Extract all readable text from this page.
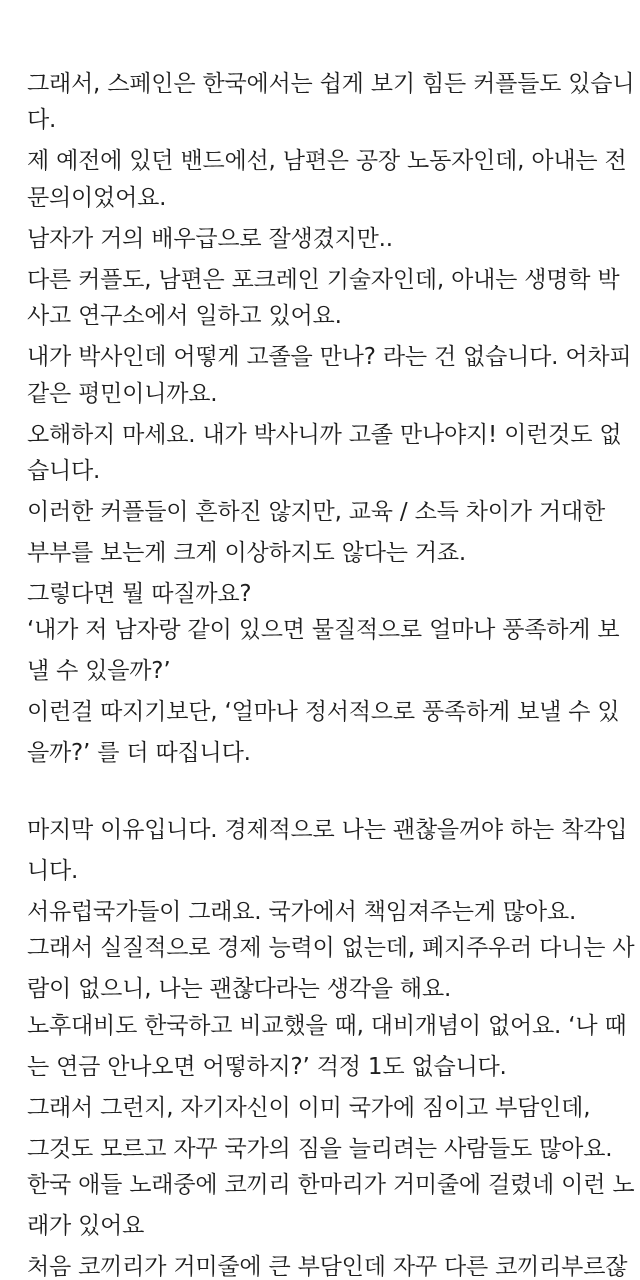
그래서, 스페인은 한국에서는 쉽게 보기 힘든 커플들도 있습니

다.

제 예전에 있던 밴드에선, 남편은 공장 노동자인데, 아내는 전

문의이었어요.

남자가 거의 배우급으로 잘생겼지만..

다른 커플도, 남편은 포크레인 기술자인데, 아내는 생명학 박

사고 연구소에서 일하고 있어요.

내가 박사인데 어떻게 고졸을 만나? 라는 건 없습니다. 어차피

같은 평민이니까요.

오해하지 마세요. 내가 박사니까 고졸 만나야지! 이런것도 없

습니다.

이러한 커플들이 흔하진 않지만, 교육 / 소득 차이가 거대한

부부를 보는게 크게 이상하지도 않다는 거죠.

그렇다면 뭘 따질까요?

‘내가 저 남자랑 같이 있으면 물질적으로 얼마나 풍족하게 보

낼 수 있을까?’

이런걸 따지기보단, ‘얼마나 정서적으로 풍족하게 보낼 수 있

을까?’ 를 더 따집니다.

마지막 이유입니다. 경제적으로 나는 괜찮을꺼야 하는 착각입

니다.

서유럽국가들이 그래요. 국가에서 책임져주는게 많아요.

그래서 실질적으로 경제 능력이 없는데, 폐지주우러 다니는 사

람이 없으니, 나는 괜찮다라는 생각을 해요.

노후대비도 한국하고 비교했을 때, 대비개념이 없어요. ‘나 때

는 연금 안나오면 어떻하지?’ 걱정 1도 없습니다.

그래서 그런지, 자기자신이 이미 국가에 짐이고 부담인데,

그것도 모르고 자꾸 국가의 짐을 늘리려는 사람들도 많아요.

한국 애들 노래중에 코끼리 한마리가 거미줄에 걸렸네 이런 노

래가 있어요

처음 코끼리가 거미줄에 큰 부담인데 자꾸 다른 코끼리부르잖
